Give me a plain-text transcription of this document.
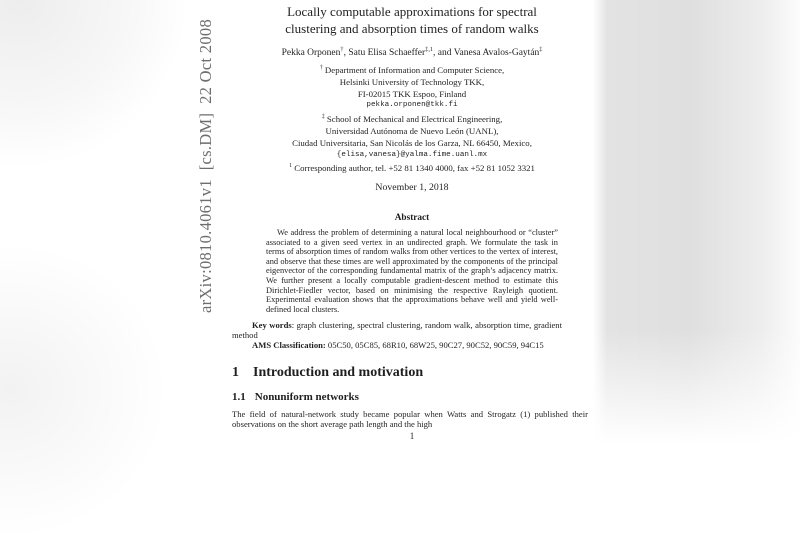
arXiv:0810.4061v1  [cs.DM]  22 Oct 2008
Locally computable approximations for spectral
clustering and absorption times of random walks
Pekka Orponen†, Satu Elisa Schaeffer$^{\ddagger,1}$, and Vanesa Avalos-Gaytán‡
† Department of Information and Computer Science,
Helsinki University of Technology TKK,
FI-02015 TKK Espoo, Finland
pekka.orponen@tkk.fi
‡ School of Mechanical and Electrical Engineering,
Universidad Autónoma de Nuevo León (UANL),
Ciudad Universitaria, San Nicolás de los Garza, NL 66450, Mexico,
{elisa,vanesa}@yalma.fime.uanl.mx
$^1$ Corresponding author, tel. +52 81 1340 4000, fax +52 81 1052 3321
November 1, 2018
Abstract
We address the problem of determining a natural local neighbourhood or “cluster” associated to a given seed vertex in an undirected graph. We formulate the task in terms of absorption times of random walks from other vertices to the vertex of interest, and observe that these times are well approximated by the components of the principal eigenvector of the corresponding fundamental matrix of the graph’s adjacency matrix. We further present a locally computable gradient-descent method to estimate this Dirichlet-Fiedler vector, based on minimising the respective Rayleigh quotient. Experimental evaluation shows that the approximations behave well and yield well-defined local clusters.

Key words: graph clustering, spectral clustering, random walk, absorption time, gradient method

AMS Classification: 05C50, 05C85, 68R10, 68W25, 90C27, 90C52, 90C59, 94C15

1 Introduction and motivation
1.1 Nonuniform networks
The field of natural-network study became popular when Watts and Strogatz (1) published their observations on the short average path length and the high
1
